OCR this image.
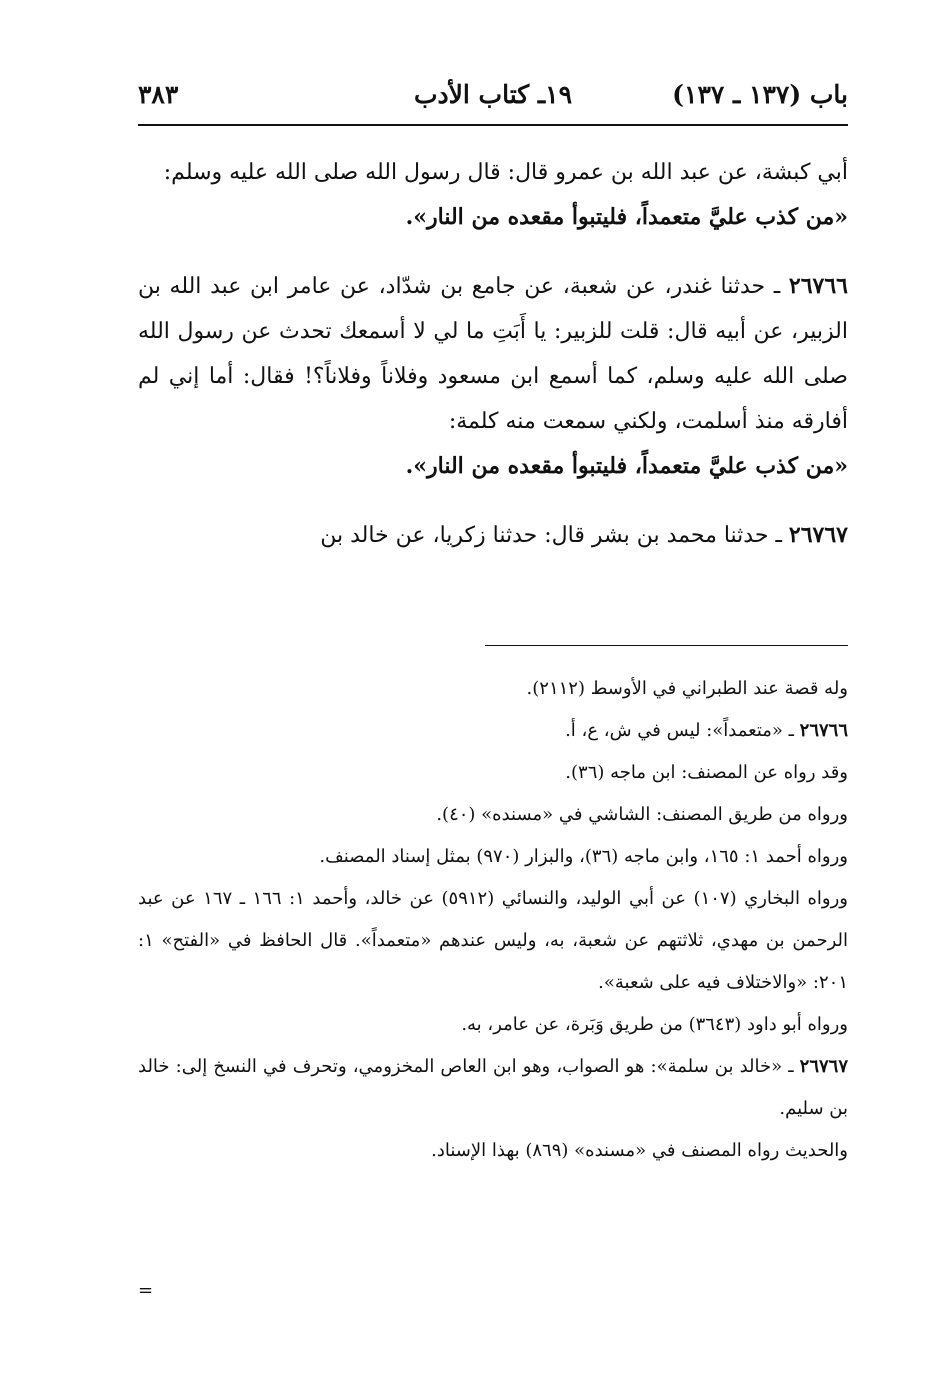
باب (١٣٧ ـ ١٣٧)
١٩ـ كتاب الأدب
٣٨٣

أبي كبشة، عن عبد الله بن عمرو قال: قال رسول الله صلى الله عليه وسلم:
«من كذب عليَّ متعمداً، فليتبوأ مقعده من النار».

٢٦٧٦٦ ـ حدثنا غندر، عن شعبة، عن جامع بن شدّاد، عن عامر ابن عبد الله بن الزبير، عن أبيه قال: قلت للزبير: يا أَبَتِ ما لي لا أسمعك تحدث عن رسول الله صلى الله عليه وسلم، كما أسمع ابن مسعود وفلاناً وفلاناً؟! فقال: أما إني لم أفارقه منذ أسلمت، ولكني سمعت منه كلمة:
«من كذب عليَّ متعمداً، فليتبوأ مقعده من النار».

٢٦٧٦٧ ـ حدثنا محمد بن بشر قال: حدثنا زكريا، عن خالد بن

وله قصة عند الطبراني في الأوسط (٢١١٢).

٢٦٧٦٦ ـ «متعمداً»: ليس في ش، ع، أ.

وقد رواه عن المصنف: ابن ماجه (٣٦).

ورواه من طريق المصنف: الشاشي في «مسنده» (٤٠).

ورواه أحمد ١: ١٦٥، وابن ماجه (٣٦)، والبزار (٩٧٠) بمثل إسناد المصنف.

ورواه البخاري (١٠٧) عن أبي الوليد، والنسائي (٥٩١٢) عن خالد، وأحمد ١: ١٦٦ ـ ١٦٧ عن عبد الرحمن بن مهدي، ثلاثتهم عن شعبة، به، وليس عندهم «متعمداً». قال الحافظ في «الفتح» ١: ٢٠١: «والاختلاف فيه على شعبة».

ورواه أبو داود (٣٦٤٣) من طريق وَبَرة، عن عامر، به.

٢٦٧٦٧ ـ «خالد بن سلمة»: هو الصواب، وهو ابن العاص المخزومي، وتحرف في النسخ إلى: خالد بن سليم.

والحديث رواه المصنف في «مسنده» (٨٦٩) بهذا الإسناد.

=
